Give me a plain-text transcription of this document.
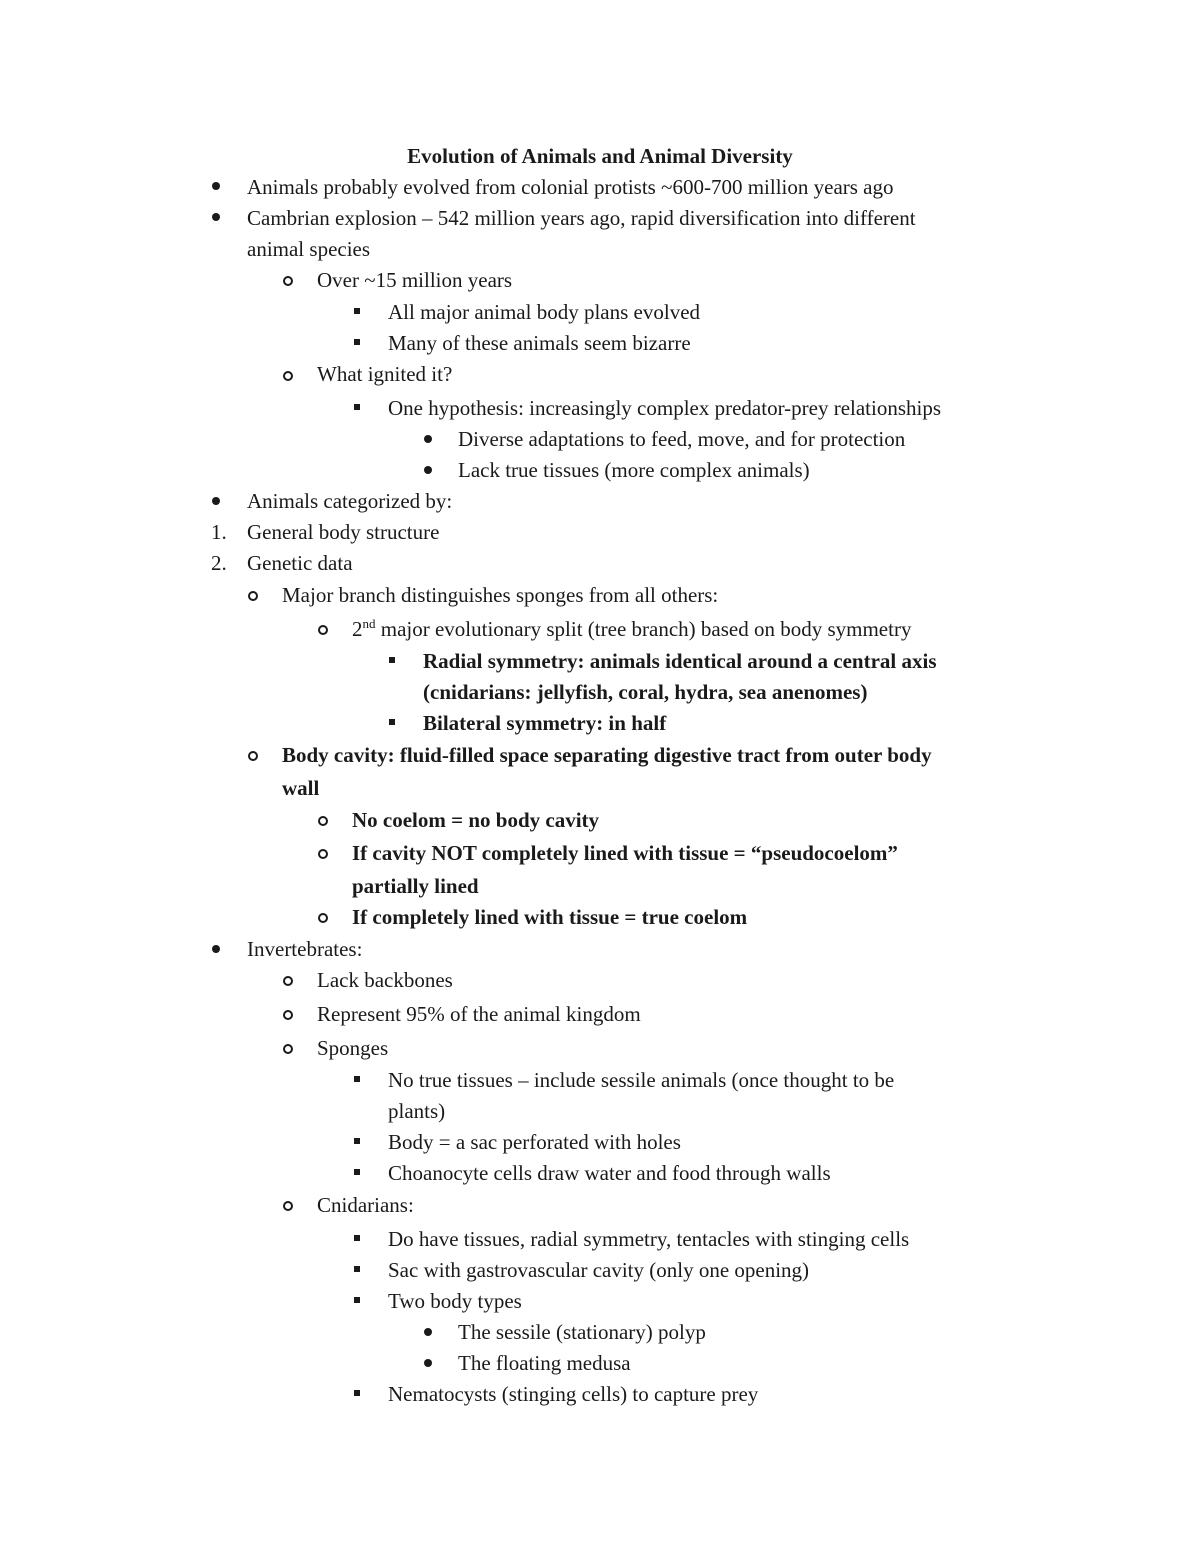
Evolution of Animals and Animal Diversity
Animals probably evolved from colonial protists ~600-700 million years ago
Cambrian explosion – 542 million years ago, rapid diversification into different
animal species
Over ~15 million years
All major animal body plans evolved
Many of these animals seem bizarre
What ignited it?
One hypothesis: increasingly complex predator-prey relationships
Diverse adaptations to feed, move, and for protection
Lack true tissues (more complex animals)
Animals categorized by:
1. General body structure
2. Genetic data
Major branch distinguishes sponges from all others:
2nd major evolutionary split (tree branch) based on body symmetry
Radial symmetry: animals identical around a central axis
(cnidarians: jellyfish, coral, hydra, sea anenomes)
Bilateral symmetry: in half
Body cavity: fluid-filled space separating digestive tract from outer body
wall
No coelom = no body cavity
If cavity NOT completely lined with tissue = “pseudocoelom”
partially lined
If completely lined with tissue = true coelom
Invertebrates:
Lack backbones
Represent 95% of the animal kingdom
Sponges
No true tissues – include sessile animals (once thought to be
plants)
Body = a sac perforated with holes
Choanocyte cells draw water and food through walls
Cnidarians:
Do have tissues, radial symmetry, tentacles with stinging cells
Sac with gastrovascular cavity (only one opening)
Two body types
The sessile (stationary) polyp
The floating medusa
Nematocysts (stinging cells) to capture prey
